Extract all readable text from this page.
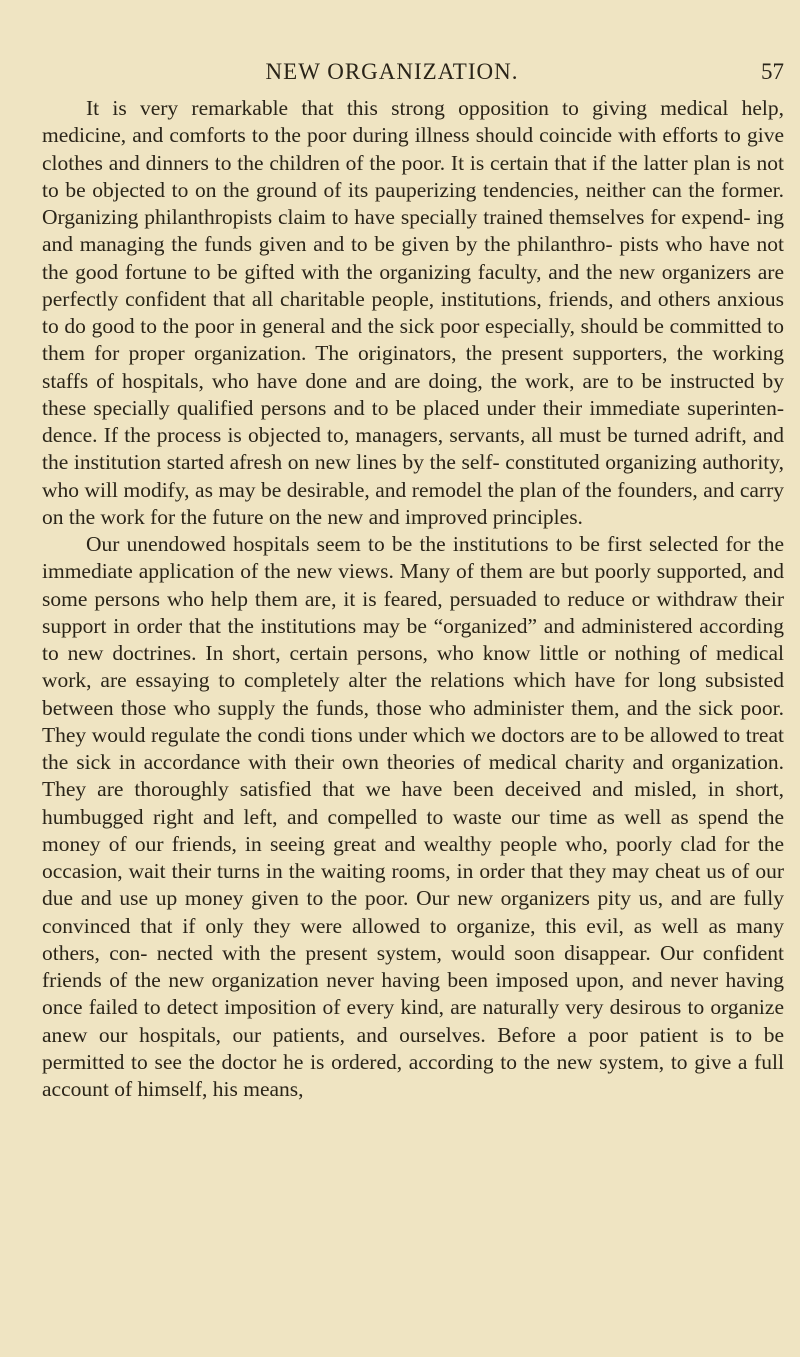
NEW ORGANIZATION.	57

It is very remarkable that this strong opposition to giving medical help, medicine, and comforts to the poor during illness should coincide with efforts to give clothes and dinners to the children of the poor. It is certain that if the latter plan is not to be objected to on the ground of its pauperizing tendencies, neither can the former. Organizing philanthropists claim to have specially trained themselves for expend- ing and managing the funds given and to be given by the philanthro- pists who have not the good fortune to be gifted with the organizing faculty, and the new organizers are perfectly confident that all charitable people, institutions, friends, and others anxious to do good to the poor in general and the sick poor especially, should be committed to them for proper organization. The originators, the present supporters, the working staffs of hospitals, who have done and are doing, the work, are to be instructed by these specially qualified persons and to be placed under their immediate superinten- dence. If the process is objected to, managers, servants, all must be turned adrift, and the institution started afresh on new lines by the self- constituted organizing authority, who will modify, as may be desirable, and remodel the plan of the founders, and carry on the work for the future on the new and improved principles.

Our unendowed hospitals seem to be the institutions to be first selected for the immediate application of the new views. Many of them are but poorly supported, and some persons who help them are, it is feared, persuaded to reduce or withdraw their support in order that the institutions may be “organized” and administered according to new doctrines. In short, certain persons, who know little or nothing of medical work, are essaying to completely alter the relations which have for long subsisted between those who supply the funds, those who administer them, and the sick poor. They would regulate the condi tions under which we doctors are to be allowed to treat the sick in accordance with their own theories of medical charity and organization. They are thoroughly satisfied that we have been deceived and misled, in short, humbugged right and left, and compelled to waste our time as well as spend the money of our friends, in seeing great and wealthy people who, poorly clad for the occasion, wait their turns in the waiting rooms, in order that they may cheat us of our due and use up money given to the poor. Our new organizers pity us, and are fully convinced that if only they were allowed to organize, this evil, as well as many others, con- nected with the present system, would soon disappear. Our confident friends of the new organization never having been imposed upon, and never having once failed to detect imposition of every kind, are naturally very desirous to organize anew our hospitals, our patients, and ourselves. Before a poor patient is to be permitted to see the doctor he is ordered, according to the new system, to give a full account of himself, his means,
